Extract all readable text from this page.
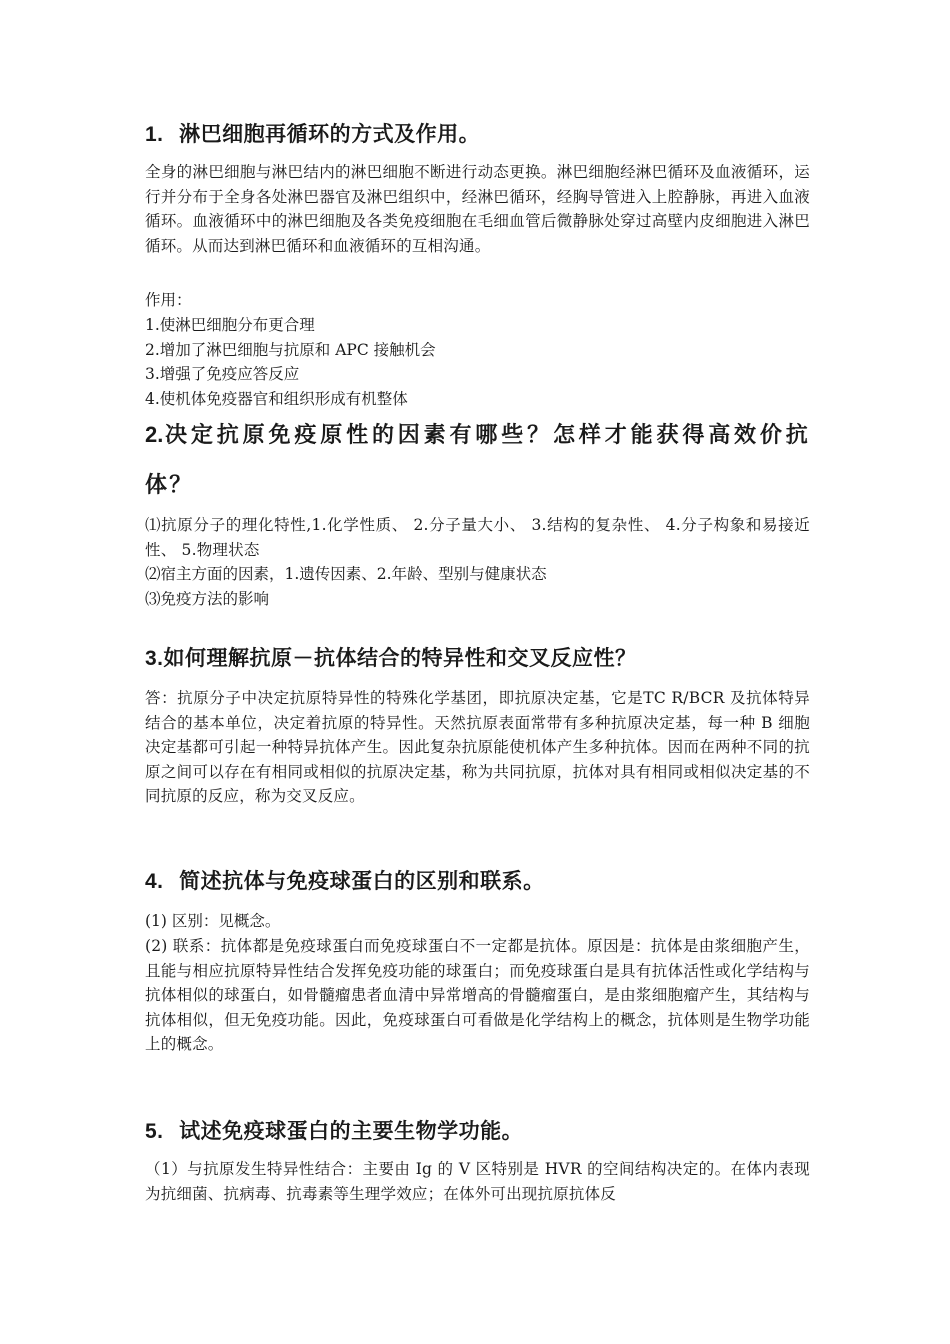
1. 淋巴细胞再循环的方式及作用。

全身的淋巴细胞与淋巴结内的淋巴细胞不断进行动态更换。淋巴细胞经淋巴循环及血液循环，运行并分布于全身各处淋巴器官及淋巴组织中，经淋巴循环，经胸导管进入上腔静脉，再进入血液循环。血液循环中的淋巴细胞及各类免疫细胞在毛细血管后微静脉处穿过高壁内皮细胞进入淋巴循环。从而达到淋巴循环和血液循环的互相沟通。

作用：

1.使淋巴细胞分布更合理

2.增加了淋巴细胞与抗原和 APC 接触机会

3.增强了免疫应答反应

4.使机体免疫器官和组织形成有机整体

2.决定抗原免疫原性的因素有哪些？怎样才能获得高效价抗体？

⑴抗原分子的理化特性,1.化学性质、 2.分子量大小、 3.结构的复杂性、 4.分子构象和易接近性、 5.物理状态

⑵宿主方面的因素，1.遗传因素、2.年龄、型别与健康状态

⑶免疫方法的影响

3.如何理解抗原－抗体结合的特异性和交叉反应性？

答：抗原分子中决定抗原特异性的特殊化学基团，即抗原决定基，它是TC R/BCR 及抗体特异结合的基本单位，决定着抗原的特异性。天然抗原表面常带有多种抗原决定基，每一种 B 细胞决定基都可引起一种特异抗体产生。因此复杂抗原能使机体产生多种抗体。因而在两种不同的抗原之间可以存在有相同或相似的抗原决定基，称为共同抗原，抗体对具有相同或相似决定基的不同抗原的反应，称为交叉反应。

4. 简述抗体与免疫球蛋白的区别和联系。

(1) 区别：见概念。

(2) 联系：抗体都是免疫球蛋白而免疫球蛋白不一定都是抗体。原因是：抗体是由浆细胞产生，且能与相应抗原特异性结合发挥免疫功能的球蛋白；而免疫球蛋白是具有抗体活性或化学结构与抗体相似的球蛋白，如骨髓瘤患者血清中异常增高的骨髓瘤蛋白，是由浆细胞瘤产生，其结构与抗体相似，但无免疫功能。因此，免疫球蛋白可看做是化学结构上的概念，抗体则是生物学功能上的概念。

5. 试述免疫球蛋白的主要生物学功能。

（1）与抗原发生特异性结合：主要由 Ig 的 V 区特别是 HVR 的空间结构决定的。在体内表现为抗细菌、抗病毒、抗毒素等生理学效应；在体外可出现抗原抗体反
